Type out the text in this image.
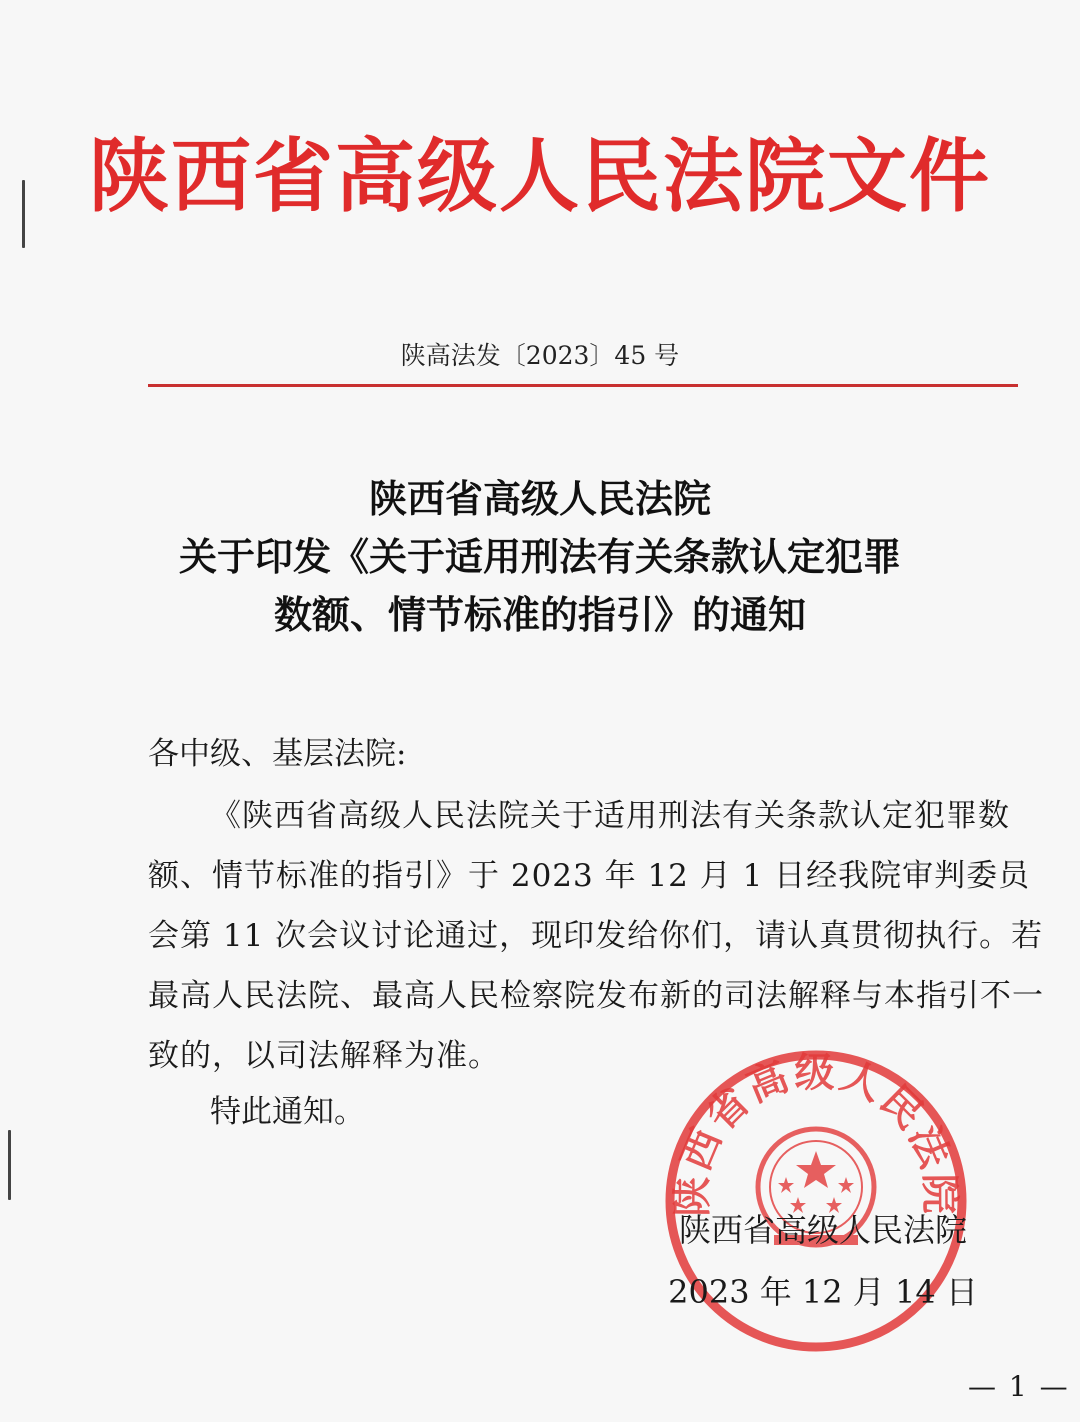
陕西省高级人民法院文件
陕高法发〔2023〕45 号
陕西省高级人民法院
关于印发《关于适用刑法有关条款认定犯罪
数额、情节标准的指引》的通知
各中级、基层法院:
《陕西省高级人民法院关于适用刑法有关条款认定犯罪数额、情节标准的指引》于 2023 年 12 月 1 日经我院审判委员会第 11 次会议讨论通过，现印发给你们，请认真贯彻执行。若最高人民法院、最高人民检察院发布新的司法解释与本指引不一致的，以司法解释为准。
特此通知。
陕西省高级人民法院
陕西省高级人民法院
2023 年 12 月 14 日
— 1 —
